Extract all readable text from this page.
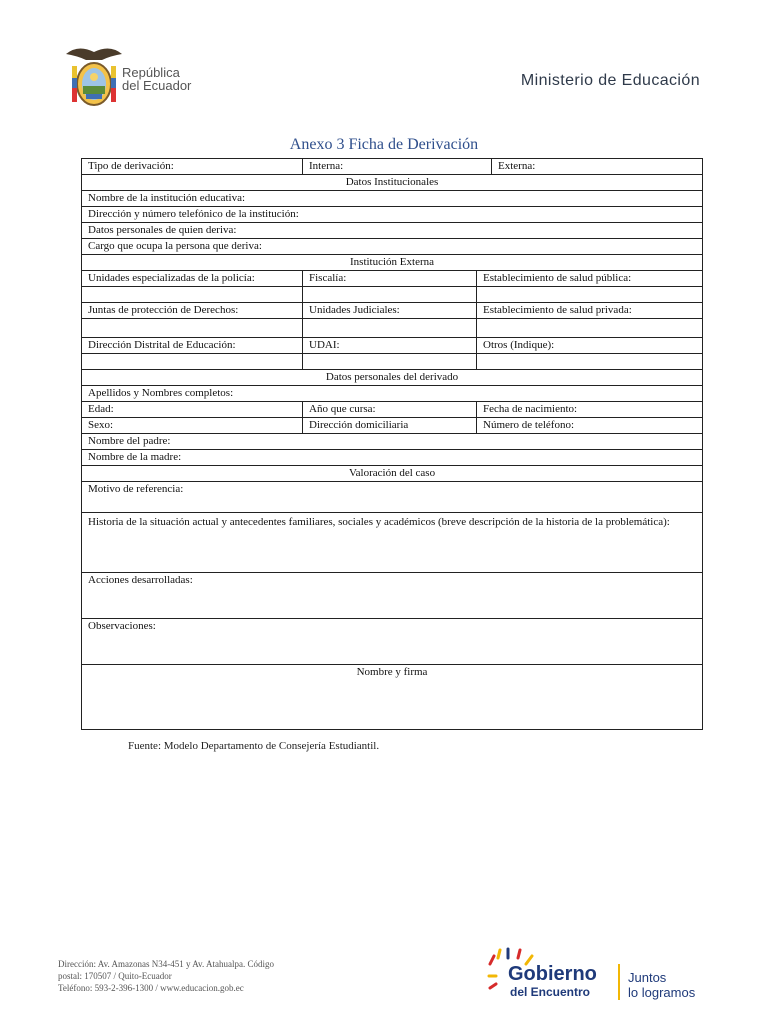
República
del Ecuador	Ministerio de Educación
Anexo 3 Ficha de Derivación
Tipo de derivación:	Interna:		Externa:
Datos Institucionales			
Nombre de la institución educativa:			
Dirección y número telefónico de la institución:			
Datos personales de quien deriva:			
Cargo que ocupa la persona que deriva:			
Institución Externa			
Unidades especializadas de la policía:	Fiscalía:	Establecimiento de salud pública:	

Juntas de protección de Derechos:	Unidades Judiciales:	Establecimiento de salud privada:	

Dirección Distrital de Educación:	UDAI:	Otros (Indique):	

Datos personales del derivado			
Apellidos y Nombres completos:			
Edad:	Año que cursa:	Fecha de nacimiento:	
Sexo:	Dirección domiciliaria	Número de teléfono:	
Nombre del padre:			
Nombre de la madre:			
Valoración del caso			
Motivo de referencia:			
Historia de la situación actual y antecedentes familiares, sociales y académicos (breve descripción de la historia de la problemática):			
Acciones desarrolladas:			
Observaciones:			
Nombre y firma			
Fuente: Modelo Departamento de Consejería Estudiantil.
Dirección: Av. Amazonas N34-451 y Av. Atahualpa. Código
postal: 170507 / Quito-Ecuador
Teléfono: 593-2-396-1300 / www.educacion.gob.ec
Gobierno
del Encuentro
Juntos
lo logramos
